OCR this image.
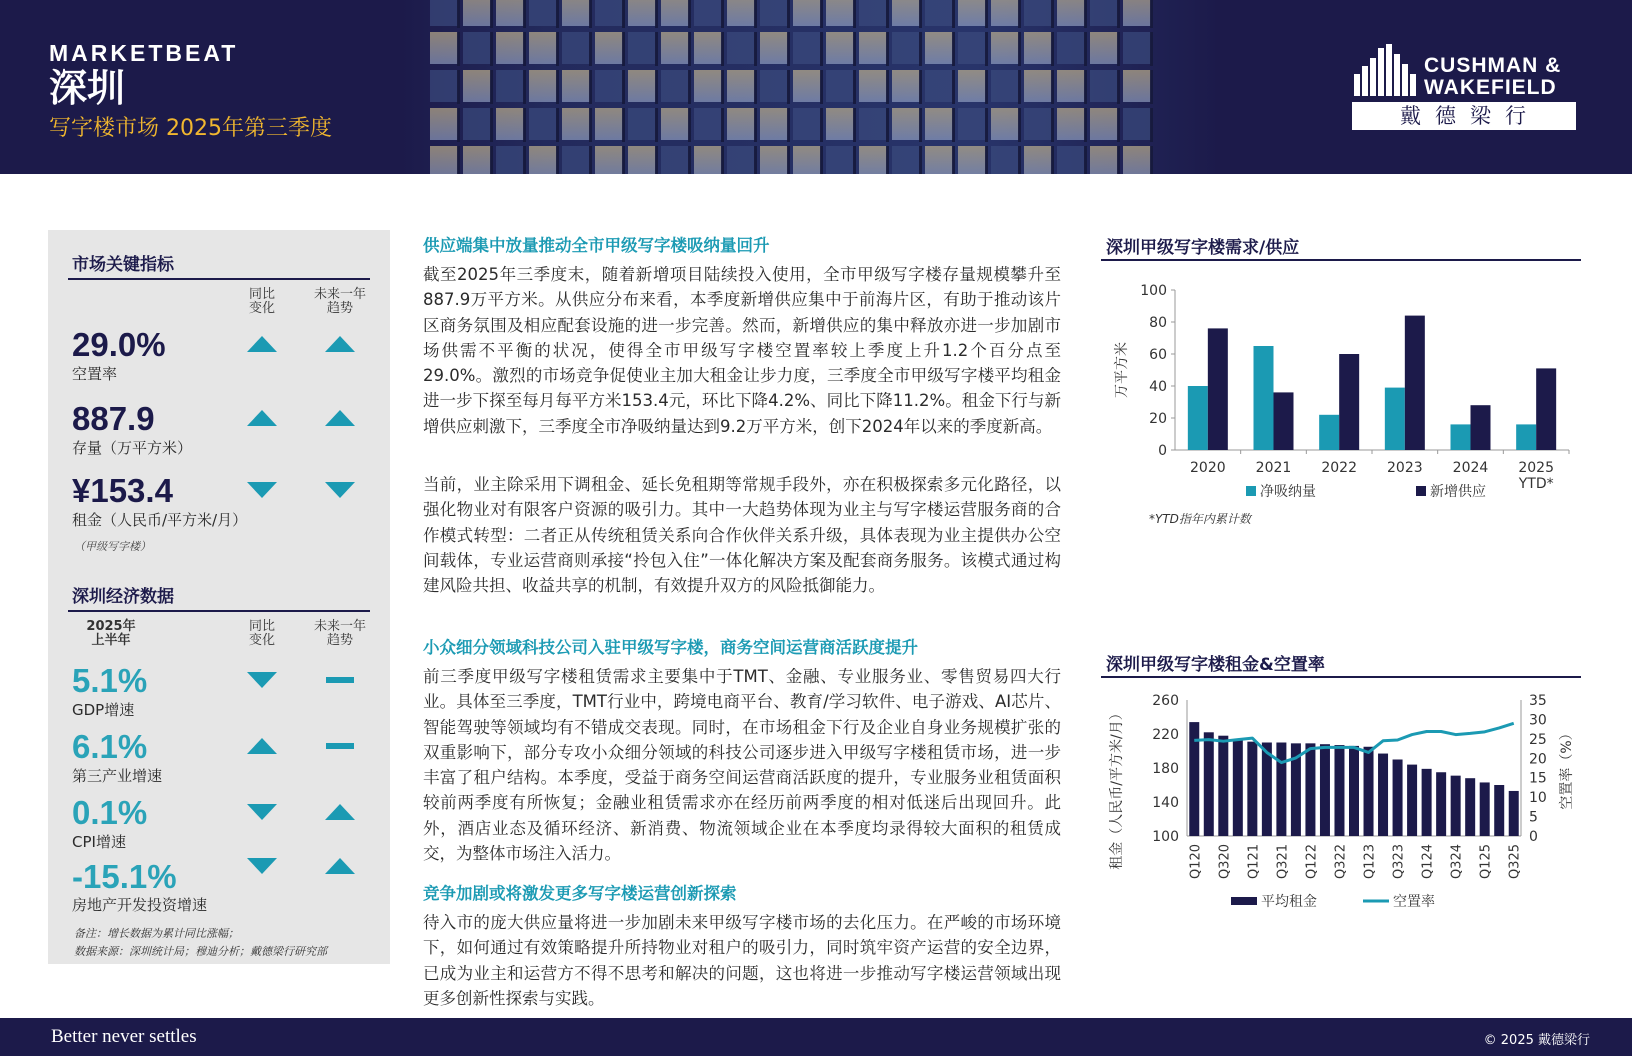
MARKETBEAT
深圳
写字楼市场 2025年第三季度
CUSHMAN &
WAKEFIELD
戴德梁行
市场关键指标
同比
变化
未来一年
趋势
29.0%
空置率
887.9
存量（万平方米）
¥153.4
租金（人民币/平方米/月）
（甲级写字楼）
深圳经济数据
2025年
上半年
同比
变化
未来一年
趋势
5.1%
GDP增速
6.1%
第三产业增速
0.1%
CPI增速
-15.1%
房地产开发投资增速
备注：增长数据为累计同比涨幅；
数据来源：深圳统计局；穆迪分析；戴德梁行研究部
供应端集中放量推动全市甲级写字楼吸纳量回升
截至2025年三季度末，随着新增项目陆续投入使用，全市甲级写字楼存量规模攀升至887.9万平方米。从供应分布来看，本季度新增供应集中于前海片区，有助于推动该片区商务氛围及相应配套设施的进一步完善。然而，新增供应的集中释放亦进一步加剧市场供需不平衡的状况，使得全市甲级写字楼空置率较上季度上升1.2个百分点至29.0%。激烈的市场竞争促使业主加大租金让步力度，三季度全市甲级写字楼平均租金进一步下探至每月每平方米153.4元，环比下降4.2%、同比下降11.2%。租金下行与新增供应刺激下，三季度全市净吸纳量达到9.2万平方米，创下2024年以来的季度新高。
当前，业主除采用下调租金、延长免租期等常规手段外，亦在积极探索多元化路径，以强化物业对有限客户资源的吸引力。其中一大趋势体现为业主与写字楼运营服务商的合作模式转型：二者正从传统租赁关系向合作伙伴关系升级，具体表现为业主提供办公空间载体，专业运营商则承接“拎包入住”一体化解决方案及配套商务服务。该模式通过构建风险共担、收益共享的机制，有效提升双方的风险抵御能力。
小众细分领域科技公司入驻甲级写字楼，商务空间运营商活跃度提升
前三季度甲级写字楼租赁需求主要集中于TMT、金融、专业服务业、零售贸易四大行业。具体至三季度，TMT行业中，跨境电商平台、教育/学习软件、电子游戏、AI芯片、智能驾驶等领域均有不错成交表现。同时，在市场租金下行及企业自身业务规模扩张的双重影响下，部分专攻小众细分领域的科技公司逐步进入甲级写字楼租赁市场，进一步丰富了租户结构。本季度，受益于商务空间运营商活跃度的提升，专业服务业租赁面积较前两季度有所恢复；金融业租赁需求亦在经历前两季度的相对低迷后出现回升。此外，酒店业态及循环经济、新消费、物流领域企业在本季度均录得较大面积的租赁成交，为整体市场注入活力。
竞争加剧或将激发更多写字楼运营创新探索
待入市的庞大供应量将进一步加剧未来甲级写字楼市场的去化压力。在严峻的市场环境下，如何通过有效策略提升所持物业对租户的吸引力，同时筑牢资产运营的安全边界，已成为业主和运营方不得不思考和解决的问题，这也将进一步推动写字楼运营领域出现更多创新性探索与实践。
深圳甲级写字楼需求/供应
0
20
40
60
80
100
万平方米
2020 2021 2022 2023 2024 2025
YTD*
净吸纳量	新增供应
*YTD指年内累计数
深圳甲级写字楼租金&空置率
100
140
180
220
260
0
5
10
15
20
25
30
35
租金（人民币/平方米/月）	空置率（%）
Q120 Q320 Q121 Q321 Q122 Q322 Q123 Q323 Q124 Q324 Q125 Q325
平均租金	空置率
Better never settles	© 2025 戴德梁行
